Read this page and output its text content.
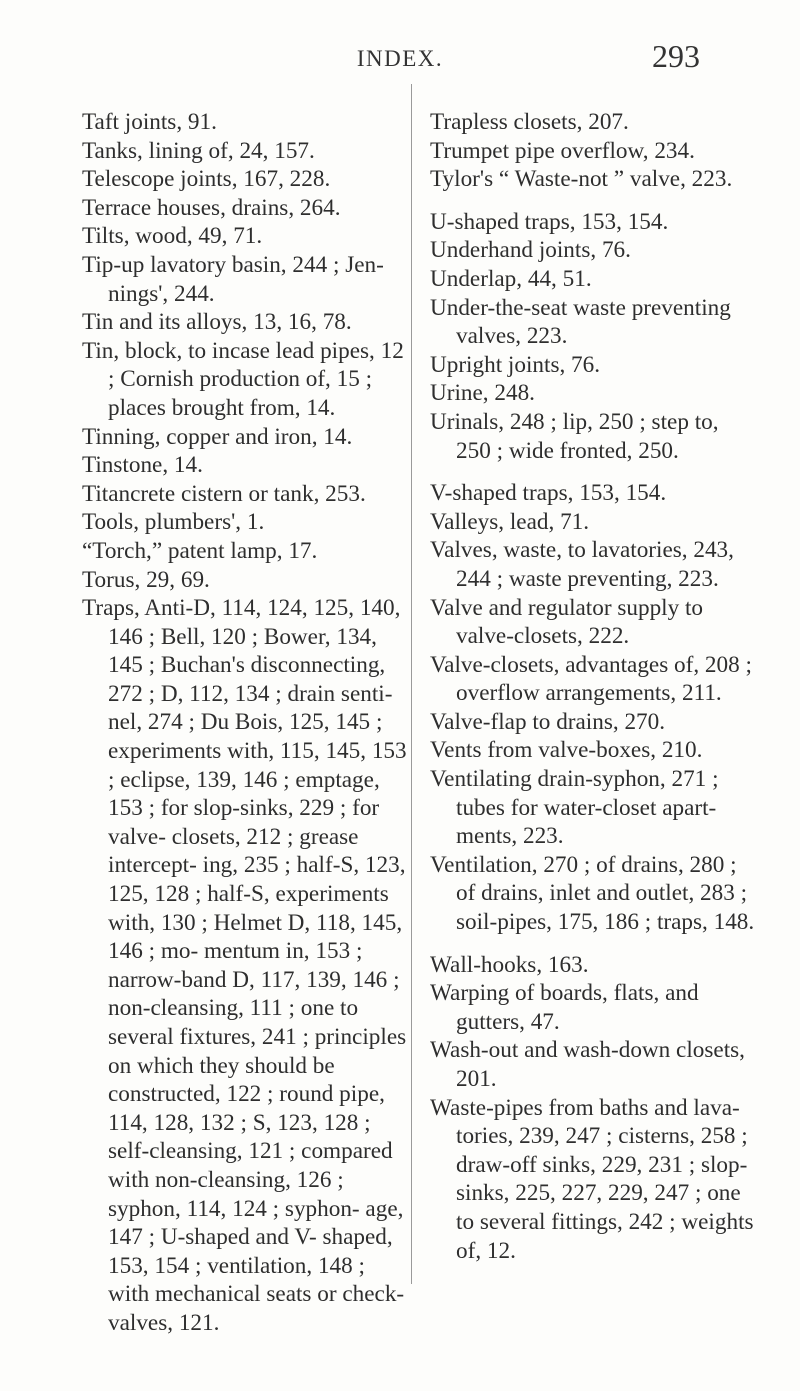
INDEX.	293
Taft joints, 91.
Tanks, lining of, 24, 157.
Telescope joints, 167, 228.
Terrace houses, drains, 264.
Tilts, wood, 49, 71.
Tip-up lavatory basin, 244 ; Jen- nings', 244.
Tin and its alloys, 13, 16, 78.
Tin, block, to incase lead pipes, 12 ; Cornish production of, 15 ; places brought from, 14.
Tinning, copper and iron, 14.
Tinstone, 14.
Titancrete cistern or tank, 253.
Tools, plumbers', 1.
“Torch,” patent lamp, 17.
Torus, 29, 69.
Traps, Anti-D, 114, 124, 125, 140, 146 ; Bell, 120 ; Bower, 134, 145 ; Buchan's disconnecting, 272 ; D, 112, 134 ; drain senti- nel, 274 ; Du Bois, 125, 145 ; experiments with, 115, 145, 153 ; eclipse, 139, 146 ; emptage, 153 ; for slop-sinks, 229 ; for valve- closets, 212 ; grease intercept- ing, 235 ; half-S, 123, 125, 128 ; half-S, experiments with, 130 ; Helmet D, 118, 145, 146 ; mo- mentum in, 153 ; narrow-band D, 117, 139, 146 ; non-cleansing, 111 ; one to several fixtures, 241 ; principles on which they should be constructed, 122 ; round pipe, 114, 128, 132 ; S, 123, 128 ; self-cleansing, 121 ; compared with non-cleansing, 126 ; syphon, 114, 124 ; syphon- age, 147 ; U-shaped and V- shaped, 153, 154 ; ventilation, 148 ; with mechanical seats or check-valves, 121.
Trapless closets, 207.
Trumpet pipe overflow, 234.
Tylor's “ Waste-not ” valve, 223.
U-shaped traps, 153, 154.
Underhand joints, 76.
Underlap, 44, 51.
Under-the-seat waste preventing valves, 223.
Upright joints, 76.
Urine, 248.
Urinals, 248 ; lip, 250 ; step to, 250 ; wide fronted, 250.
V-shaped traps, 153, 154.
Valleys, lead, 71.
Valves, waste, to lavatories, 243, 244 ; waste preventing, 223.
Valve and regulator supply to valve-closets, 222.
Valve-closets, advantages of, 208 ; overflow arrangements, 211.
Valve-flap to drains, 270.
Vents from valve-boxes, 210.
Ventilating drain-syphon, 271 ; tubes for water-closet apart- ments, 223.
Ventilation, 270 ; of drains, 280 ; of drains, inlet and outlet, 283 ; soil-pipes, 175, 186 ; traps, 148.
Wall-hooks, 163.
Warping of boards, flats, and gutters, 47.
Wash-out and wash-down closets, 201.
Waste-pipes from baths and lava- tories, 239, 247 ; cisterns, 258 ; draw-off sinks, 229, 231 ; slop- sinks, 225, 227, 229, 247 ; one to several fittings, 242 ; weights of, 12.
